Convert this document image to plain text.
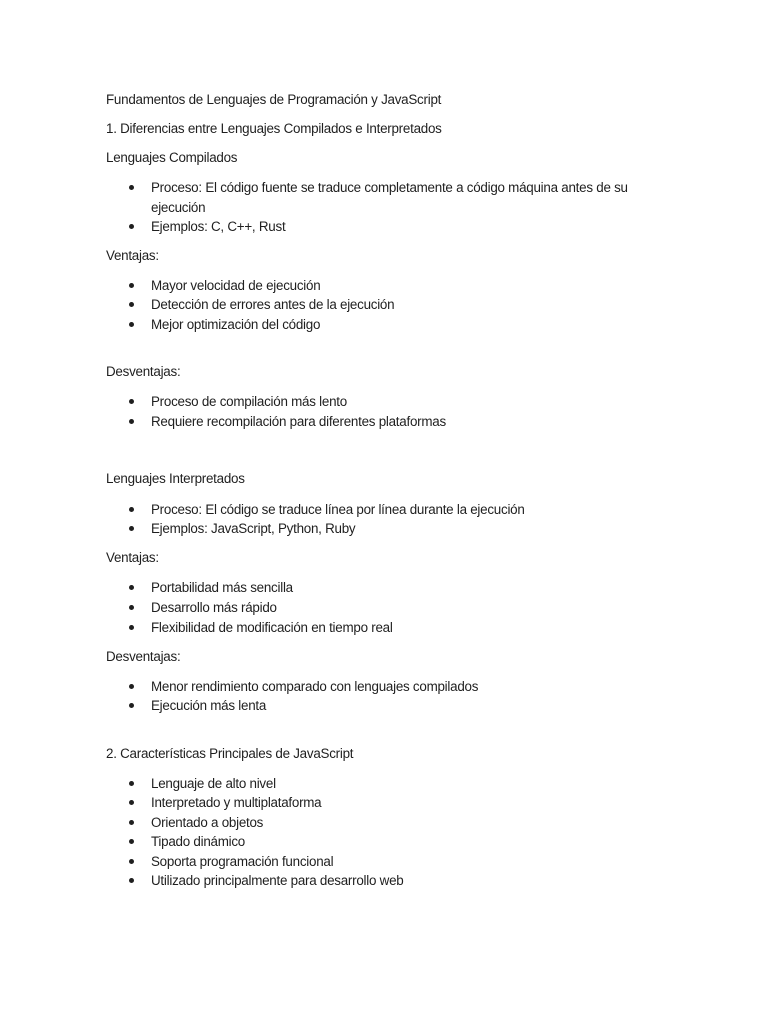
Fundamentos de Lenguajes de Programación y JavaScript
1. Diferencias entre Lenguajes Compilados e Interpretados
Lenguajes Compilados
Proceso: El código fuente se traduce completamente a código máquina antes de su ejecución
Ejemplos: C, C++, Rust
Ventajas:
Mayor velocidad de ejecución
Detección de errores antes de la ejecución
Mejor optimización del código
Desventajas:
Proceso de compilación más lento
Requiere recompilación para diferentes plataformas
Lenguajes Interpretados
Proceso: El código se traduce línea por línea durante la ejecución
Ejemplos: JavaScript, Python, Ruby
Ventajas:
Portabilidad más sencilla
Desarrollo más rápido
Flexibilidad de modificación en tiempo real
Desventajas:
Menor rendimiento comparado con lenguajes compilados
Ejecución más lenta
2. Características Principales de JavaScript
Lenguaje de alto nivel
Interpretado y multiplataforma
Orientado a objetos
Tipado dinámico
Soporta programación funcional
Utilizado principalmente para desarrollo web
